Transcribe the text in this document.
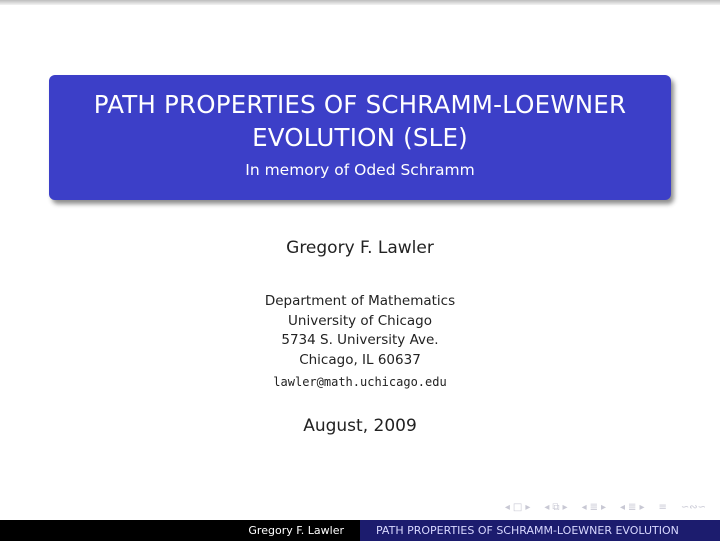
PATH PROPERTIES OF SCHRAMM-LOEWNER
EVOLUTION (SLE)
In memory of Oded Schramm
Gregory F. Lawler
Department of Mathematics
University of Chicago
5734 S. University Ave.
Chicago, IL 60637
lawler@math.uchicago.edu
August, 2009
◂ □ ▸ ◂ ⧉ ▸ ◂ ≣ ▸ ◂ ≣ ▸ ≡ ∽∾∽
Gregory F. Lawler	PATH PROPERTIES OF SCHRAMM-LOEWNER EVOLUTION
